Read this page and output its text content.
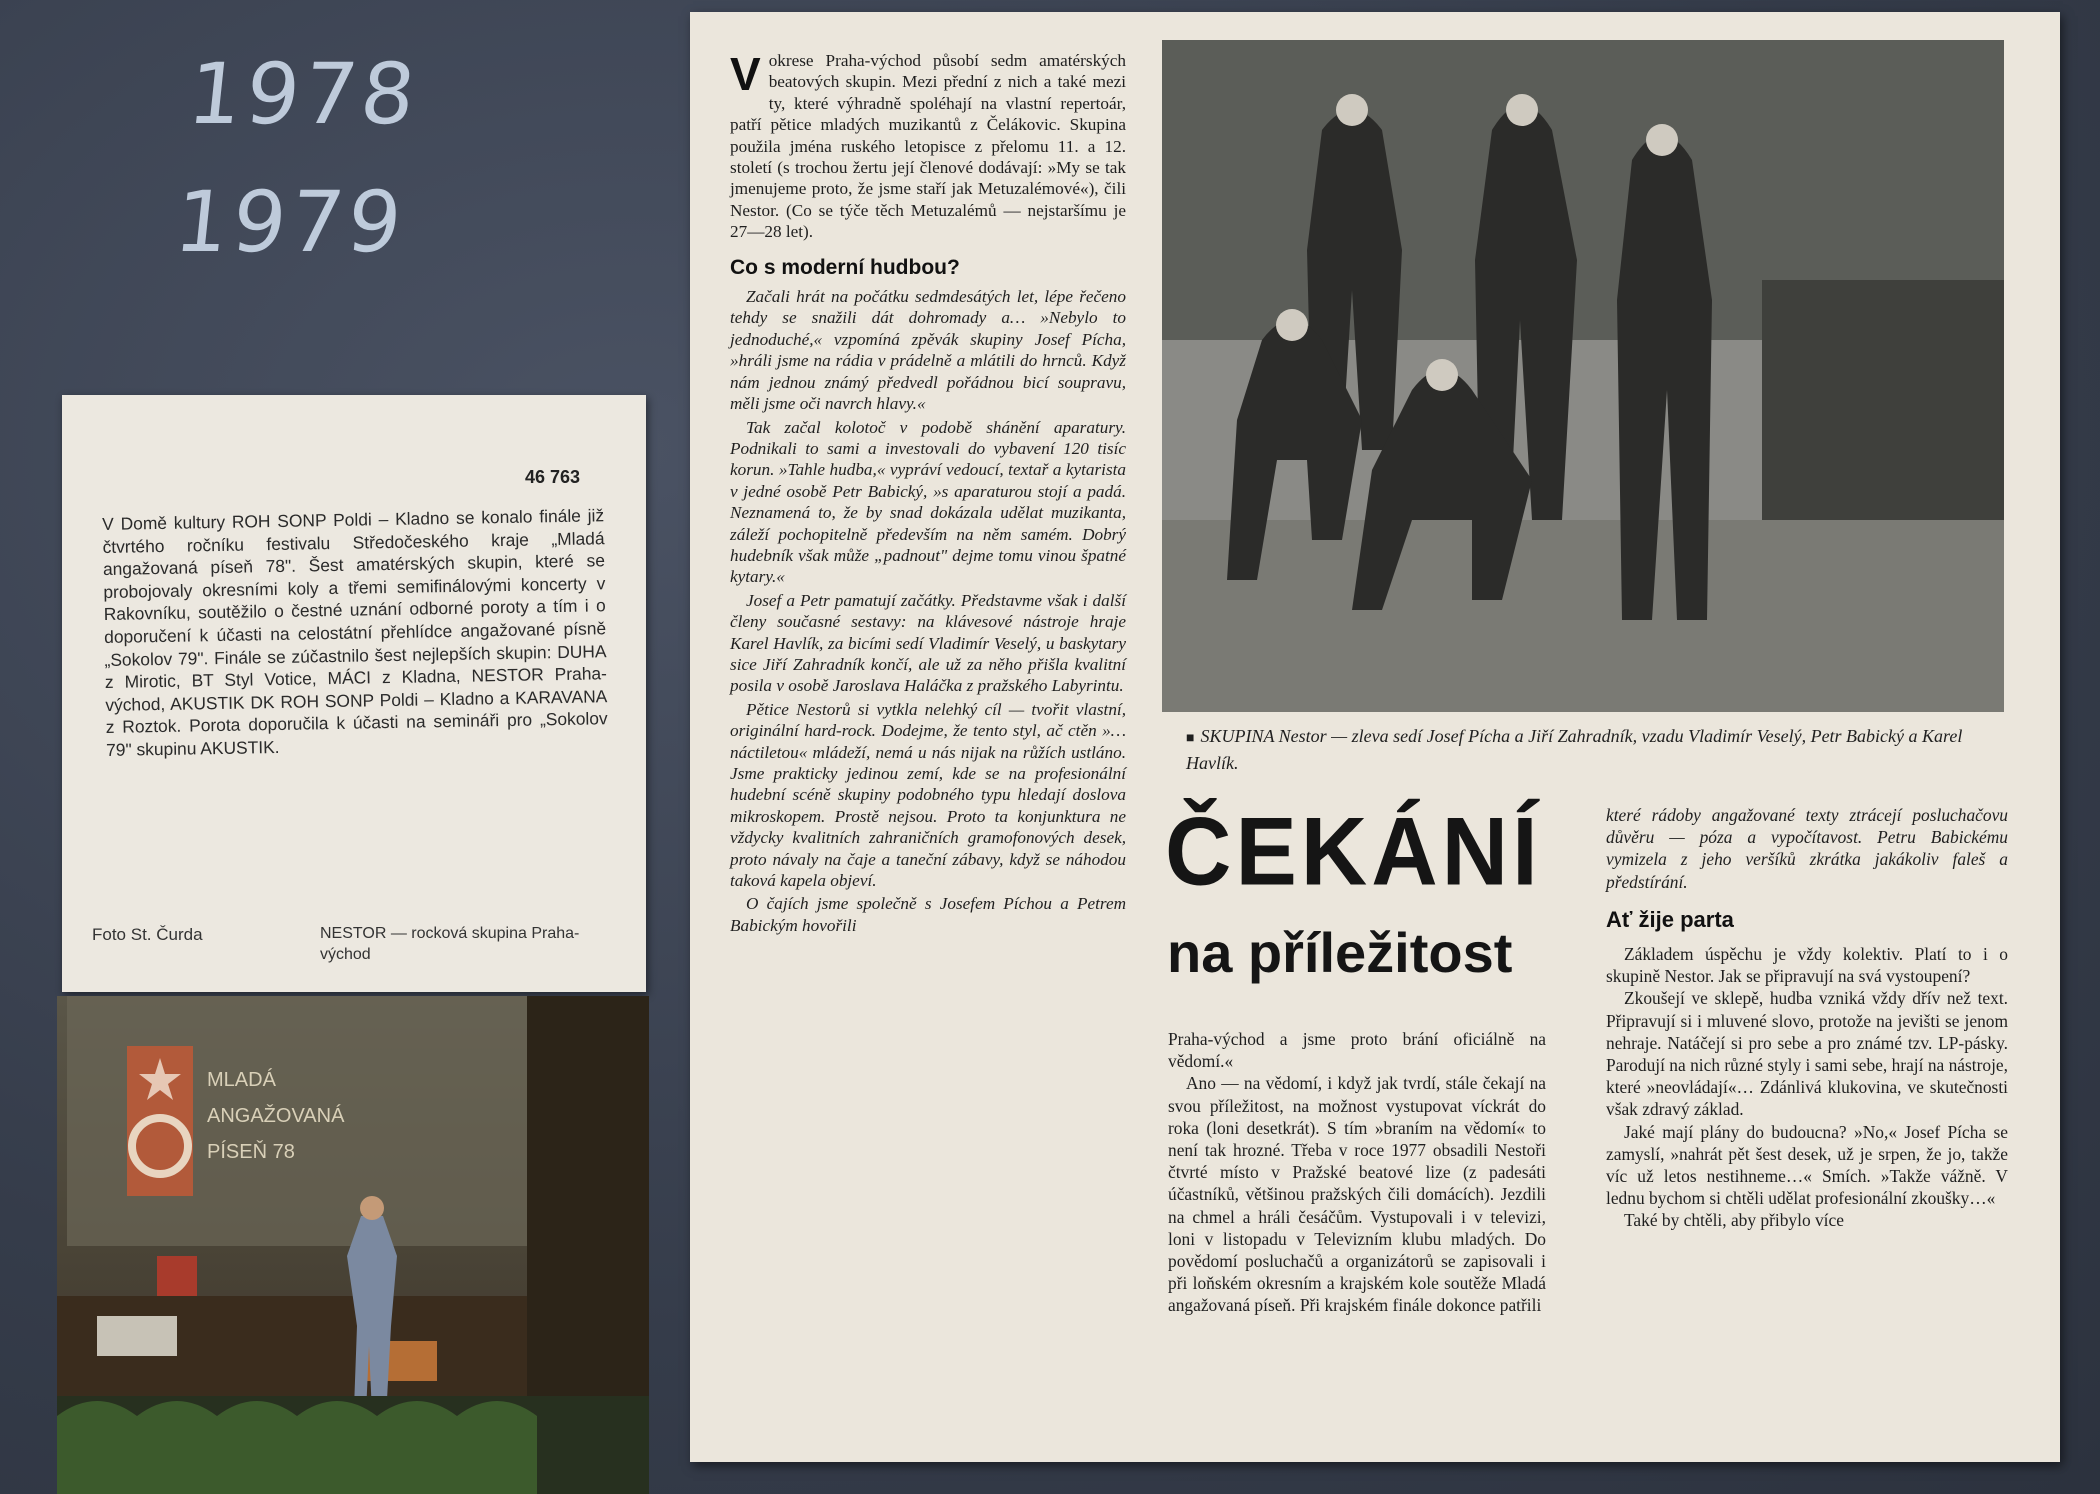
1978
1979
46 763
V Domě kultury ROH SONP Poldi – Kladno se konalo finále již čtvrtého ročníku festivalu Středočeského kraje „Mladá angažovaná píseň 78". Šest amatérských skupin, které se probojovaly okresními koly a třemi semifinálovými koncerty v Rakovníku, soutěžilo o čestné uznání odborné poroty a tím i o doporučení k účasti na celostátní přehlídce angažované písně „Sokolov 79". Finále se zúčastnilo šest nejlepších skupin: DUHA z Mirotic, BT Styl Votice, MÁCI z Kladna, NESTOR Praha-východ, AKUSTIK DK ROH SONP Poldi – Kladno a KARAVANA z Roztok. Porota doporučila k účasti na semináři pro „Sokolov 79" skupinu AKUSTIK.
Foto St. Čurda	NESTOR — rocková skupina Praha-východ
MLADÁ
ANGAŽOVANÁ
PÍSEŇ 78

Vokrese Praha-východ působí sedm amatérských beatových skupin. Mezi přední z nich a také mezi ty, které výhradně spoléhají na vlastní repertoár, patří pětice mladých muzikantů z Čelákovic. Skupina použila jména ruského letopisce z přelomu 11. a 12. století (s trochou žertu její členové dodávají: »My se tak jmenujeme proto, že jsme staří jak Metuzalémové«), čili Nestor. (Co se týče těch Metuzalémů — nejstaršímu je 27—28 let).

Co s moderní hudbou?

Začali hrát na počátku sedmdesátých let, lépe řečeno tehdy se snažili dát dohromady a… »Nebylo to jednoduché,« vzpomíná zpěvák skupiny Josef Pícha, »hráli jsme na rádia v prádelně a mlátili do hrnců. Když nám jednou známý předvedl pořádnou bicí soupravu, měli jsme oči navrch hlavy.«

Tak začal kolotoč v podobě shánění aparatury. Podnikali to sami a investovali do vybavení 120 tisíc korun. »Tahle hudba,« vypráví vedoucí, textař a kytarista v jedné osobě Petr Babický, »s aparaturou stojí a padá. Neznamená to, že by snad dokázala udělat muzikanta, záleží pochopitelně především na něm samém. Dobrý hudebník však může „padnout" dejme tomu vinou špatné kytary.«

Josef a Petr pamatují začátky. Představme však i další členy současné sestavy: na klávesové nástroje hraje Karel Havlík, za bicími sedí Vladimír Veselý, u baskytary sice Jiří Zahradník končí, ale už za něho přišla kvalitní posila v osobě Jaroslava Haláčka z pražského Labyrintu.

Pětice Nestorů si vytkla nelehký cíl — tvořit vlastní, originální hard-rock. Dodejme, že tento styl, ač ctěn »…náctiletou« mládeží, nemá u nás nijak na růžích ustláno. Jsme prakticky jedinou zemí, kde se na profesionální hudební scéně skupiny podobného typu hledají doslova mikroskopem. Prostě nejsou. Proto ta konjunktura ne vždycky kvalitních zahraničních gramofonových desek, proto návaly na čaje a taneční zábavy, když se náhodou taková kapela objeví.

O čajích jsme společně s Josefem Píchou a Petrem Babickým hovořili

■ SKUPINA Nestor — zleva sedí Josef Pícha a Jiří Zahradník, vzadu Vladimír Veselý, Petr Babický a Karel Havlík.
ČEKÁNÍ
na příležitost

Praha-východ a jsme proto brání oficiálně na vědomí.«

Ano — na vědomí, i když jak tvrdí, stále čekají na svou příležitost, na možnost vystupovat víckrát do roka (loni desetkrát). S tím »braním na vědomí« to není tak hrozné. Třeba v roce 1977 obsadili Nestoři čtvrté místo v Pražské beatové lize (z padesáti účastníků, většinou pražských čili domácích). Jezdili na chmel a hráli česáčům. Vystupovali i v televizi, loni v listopadu v Televizním klubu mladých. Do povědomí posluchačů a organizátorů se zapisovali i při loňském okresním a krajském kole soutěže Mladá angažovaná píseň. Při krajském finále dokonce patřili

které rádoby angažované texty ztrácejí posluchačovu důvěru — póza a vypočítavost. Petru Babickému vymizela z jeho veršíků zkrátka jakákoliv faleš a předstírání.

Ať žije parta

Základem úspěchu je vždy kolektiv. Platí to i o skupině Nestor. Jak se připravují na svá vystoupení?

Zkoušejí ve sklepě, hudba vzniká vždy dřív než text. Připravují si i mluvené slovo, protože na jevišti se jenom nehraje. Natáčejí si pro sebe a pro známé tzv. LP-pásky. Parodují na nich různé styly i sami sebe, hrají na nástroje, které »neovládají«… Zdánlivá klukovina, ve skutečnosti však zdravý základ.

Jaké mají plány do budoucna? »No,« Josef Pícha se zamyslí, »nahrát pět šest desek, už je srpen, že jo, takže víc už letos nestihneme…« Smích. »Takže vážně. V lednu bychom si chtěli udělat profesionální zkoušky…«

Také by chtěli, aby přibylo více
